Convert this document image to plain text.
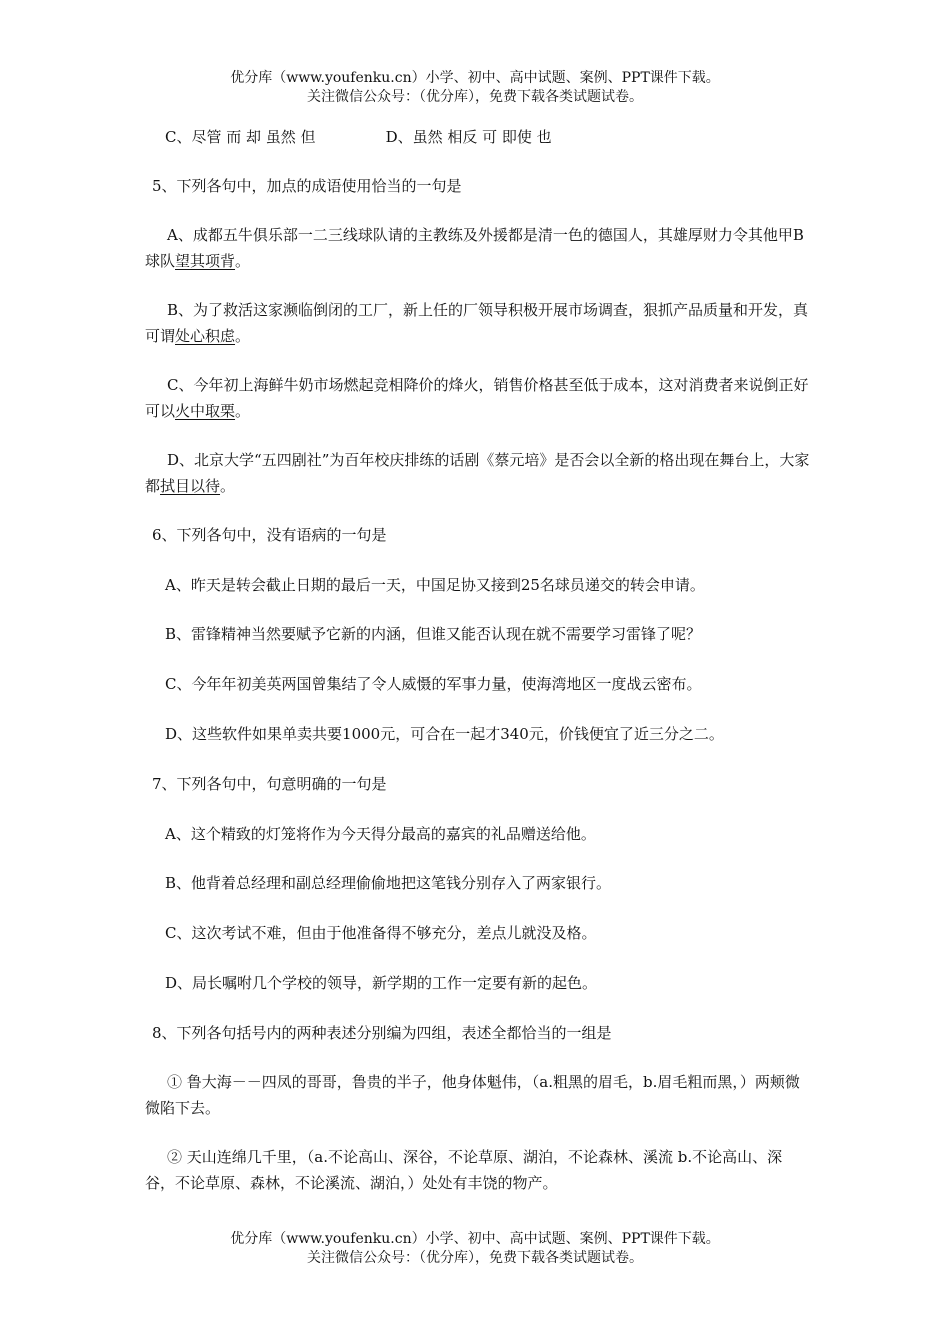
优分库（www.youfenku.cn）小学、初中、高中试题、案例、PPT课件下载。
关注微信公众号：（优分库），免费下载各类试题试卷。
C、尽管 而 却 虽然 但	D、虽然 相反 可 即使 也
5、下列各句中，加点的成语使用恰当的一句是
A、成都五牛俱乐部一二三线球队请的主教练及外援都是清一色的德国人，其雄厚财力令其他甲B球队望其项背。
B、为了救活这家濒临倒闭的工厂，新上任的厂领导积极开展市场调查，狠抓产品质量和开发，真可谓处心积虑。
C、今年初上海鲜牛奶市场燃起竞相降价的烽火，销售价格甚至低于成本，这对消费者来说倒正好可以火中取栗。
D、北京大学“五四剧社”为百年校庆排练的话剧《蔡元培》是否会以全新的格出现在舞台上，大家都拭目以待。
6、下列各句中，没有语病的一句是
A、昨天是转会截止日期的最后一天，中国足协又接到25名球员递交的转会申请。
B、雷锋精神当然要赋予它新的内涵，但谁又能否认现在就不需要学习雷锋了呢？
C、今年年初美英两国曾集结了令人威慑的军事力量，使海湾地区一度战云密布。
D、这些软件如果单卖共要1000元，可合在一起才340元，价钱便宜了近三分之二。
7、下列各句中，句意明确的一句是
A、这个精致的灯笼将作为今天得分最高的嘉宾的礼品赠送给他。
B、他背着总经理和副总经理偷偷地把这笔钱分别存入了两家银行。
C、这次考试不难，但由于他准备得不够充分，差点儿就没及格。
D、局长嘱咐几个学校的领导，新学期的工作一定要有新的起色。
8、下列各句括号内的两种表述分别编为四组，表述全都恰当的一组是
① 鲁大海－－四凤的哥哥，鲁贵的半子，他身体魁伟，（a.粗黑的眉毛，b.眉毛粗而黑，）两颊微微陷下去。
② 天山连绵几千里，（a.不论高山、深谷，不论草原、湖泊，不论森林、溪流 b.不论高山、深谷，不论草原、森林，不论溪流、湖泊，）处处有丰饶的物产。
优分库（www.youfenku.cn）小学、初中、高中试题、案例、PPT课件下载。
关注微信公众号：（优分库），免费下载各类试题试卷。
